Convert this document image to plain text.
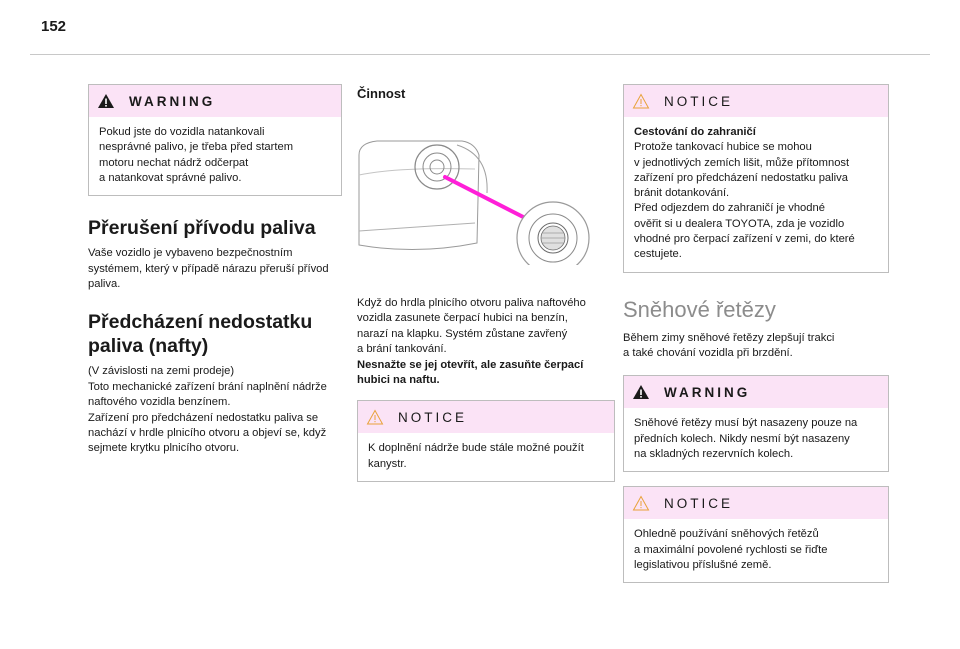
152
WARNING
Pokud jste do vozidla natankovali
nesprávné palivo, je třeba před startem
motoru nechat nádrž odčerpat
a natankovat správné palivo.
Přerušení přívodu paliva

Vaše vozidlo je vybaveno bezpečnostním

systémem, který v případě nárazu přeruší přívod

paliva.

Předcházení nedostatku
paliva (nafty)

(V závislosti na zemi prodeje)

Toto mechanické zařízení brání naplnění nádrže

naftového vozidla benzínem.

Zařízení pro předcházení nedostatku paliva se

nachází v hrdle plnicího otvoru a objeví se, když

sejmete krytku plnicího otvoru.

Činnost

Když do hrdla plnicího otvoru paliva naftového

vozidla zasunete čerpací hubici na benzín,

narazí na klapku. Systém zůstane zavřený

a brání tankování.

Nesnažte se jej otevřít, ale zasuňte čerpací

hubici na naftu.

NOTICE
K doplnění nádrže bude stále možné použít
kanystr.
NOTICE
Cestování do zahraničí
Protože tankovací hubice se mohou
v jednotlivých zemích lišit, může přítomnost
zařízení pro předcházení nedostatku paliva
bránit dotankování.
Před odjezdem do zahraničí je vhodné
ověřit si u dealera TOYOTA, zda je vozidlo
vhodné pro čerpací zařízení v zemi, do které
cestujete.
Sněhové řetězy

Během zimy sněhové řetězy zlepšují trakci

a také chování vozidla při brzdění.

WARNING
Sněhové řetězy musí být nasazeny pouze na
předních kolech. Nikdy nesmí být nasazeny
na skladných rezervních kolech.
NOTICE
Ohledně používání sněhových řetězů
a maximální povolené rychlosti se řiďte
legislativou příslušné země.
